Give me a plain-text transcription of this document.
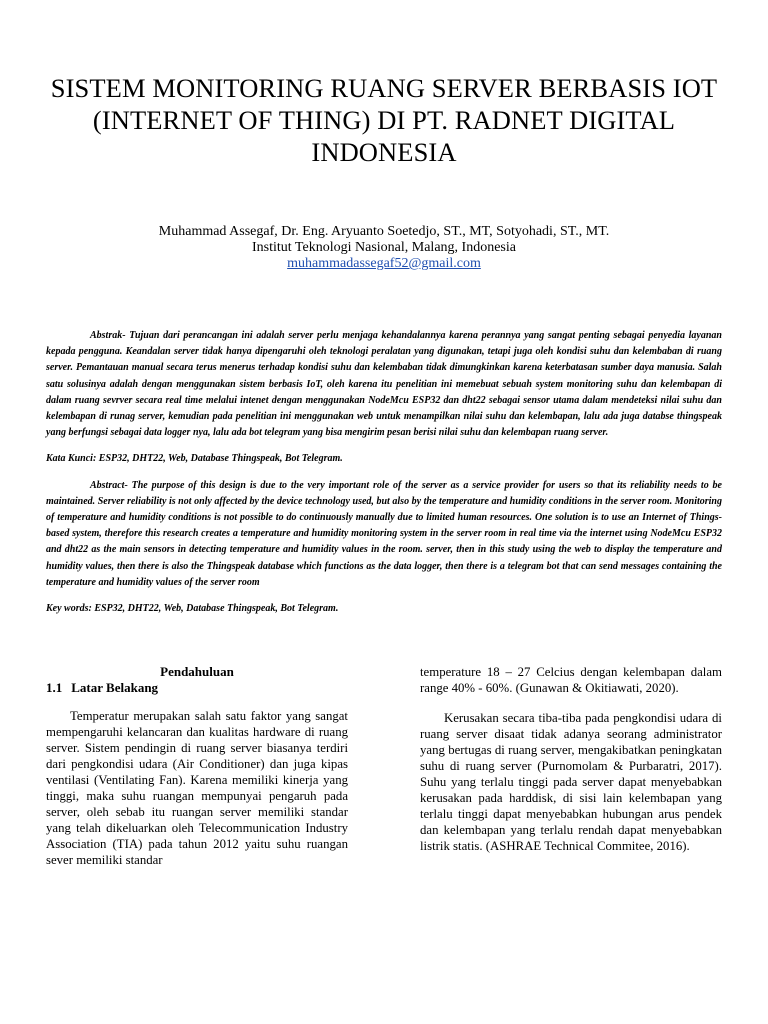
SISTEM MONITORING RUANG SERVER BERBASIS IOT (INTERNET OF THING) DI PT. RADNET DIGITAL INDONESIA
Muhammad Assegaf, Dr. Eng. Aryuanto Soetedjo, ST., MT, Sotyohadi, ST., MT.
Institut Teknologi Nasional, Malang, Indonesia
muhammadassegaf52@gmail.com

Abstrak- Tujuan dari perancangan ini adalah server perlu menjaga kehandalannya karena perannya yang sangat penting sebagai penyedia layanan kepada pengguna. Keandalan server tidak hanya dipengaruhi oleh teknologi peralatan yang digunakan, tetapi juga oleh kondisi suhu dan kelembaban di ruang server. Pemantauan manual secara terus menerus terhadap kondisi suhu dan kelembaban tidak dimungkinkan karena keterbatasan sumber daya manusia. Salah satu solusinya adalah dengan menggunakan sistem berbasis IoT, oleh karena itu penelitian ini memebuat sebuah system monitoring suhu dan kelembapan di dalam ruang sevrver secara real time melalui intenet dengan menggunakan NodeMcu ESP32 dan dht22 sebagai sensor utama dalam mendeteksi nilai suhu dan kelembapan di runag server, kemudian pada penelitian ini menggunakan web untuk menampilkan nilai suhu dan kelembapan, lalu ada juga databse thingspeak yang berfungsi sebagai data logger nya, lalu ada bot telegram yang bisa mengirim pesan berisi nilai suhu dan kelembapan ruang server.

Kata Kunci: ESP32, DHT22, Web, Database Thingspeak, Bot Telegram.

Abstract- The purpose of this design is due to the very important role of the server as a service provider for users so that its reliability needs to be maintained. Server reliability is not only affected by the device technology used, but also by the temperature and humidity conditions in the server room. Monitoring of temperature and humidity conditions is not possible to do continuously manually due to limited human resources. One solution is to use an Internet of Things-based system, therefore this research creates a temperature and humidity monitoring system in the server room in real time via the internet using NodeMcu ESP32 and dht22 as the main sensors in detecting temperature and humidity values in the room. server, then in this study using the web to display the temperature and humidity values, then there is also the Thingspeak database which functions as the data logger, then there is a telegram bot that can send messages containing the temperature and humidity values of the server room

Key words: ESP32, DHT22, Web, Database Thingspeak, Bot Telegram.

Pendahuluan

1.1 Latar Belakang

Temperatur merupakan salah satu faktor yang sangat mempengaruhi kelancaran dan kualitas hardware di ruang server. Sistem pendingin di ruang server biasanya terdiri dari pengkondisi udara (Air Conditioner) dan juga kipas ventilasi (Ventilating Fan). Karena memiliki kinerja yang tinggi, maka suhu ruangan mempunyai pengaruh pada server, oleh sebab itu ruangan server memiliki standar yang telah dikeluarkan oleh Telecommunication Industry Association (TIA) pada tahun 2012 yaitu suhu ruangan sever memiliki standar

temperature 18 – 27 Celcius dengan kelembapan dalam range 40% - 60%. (Gunawan & Okitiawati, 2020).

Kerusakan secara tiba-tiba pada pengkondisi udara di ruang server disaat tidak adanya seorang administrator yang bertugas di ruang server, mengakibatkan peningkatan suhu di ruang server (Purnomolam & Purbaratri, 2017). Suhu yang terlalu tinggi pada server dapat menyebabkan kerusakan pada harddisk, di sisi lain kelembapan yang terlalu tinggi dapat menyebabkan hubungan arus pendek dan kelembapan yang terlalu rendah dapat menyebabkan listrik statis. (ASHRAE Technical Commitee, 2016).
